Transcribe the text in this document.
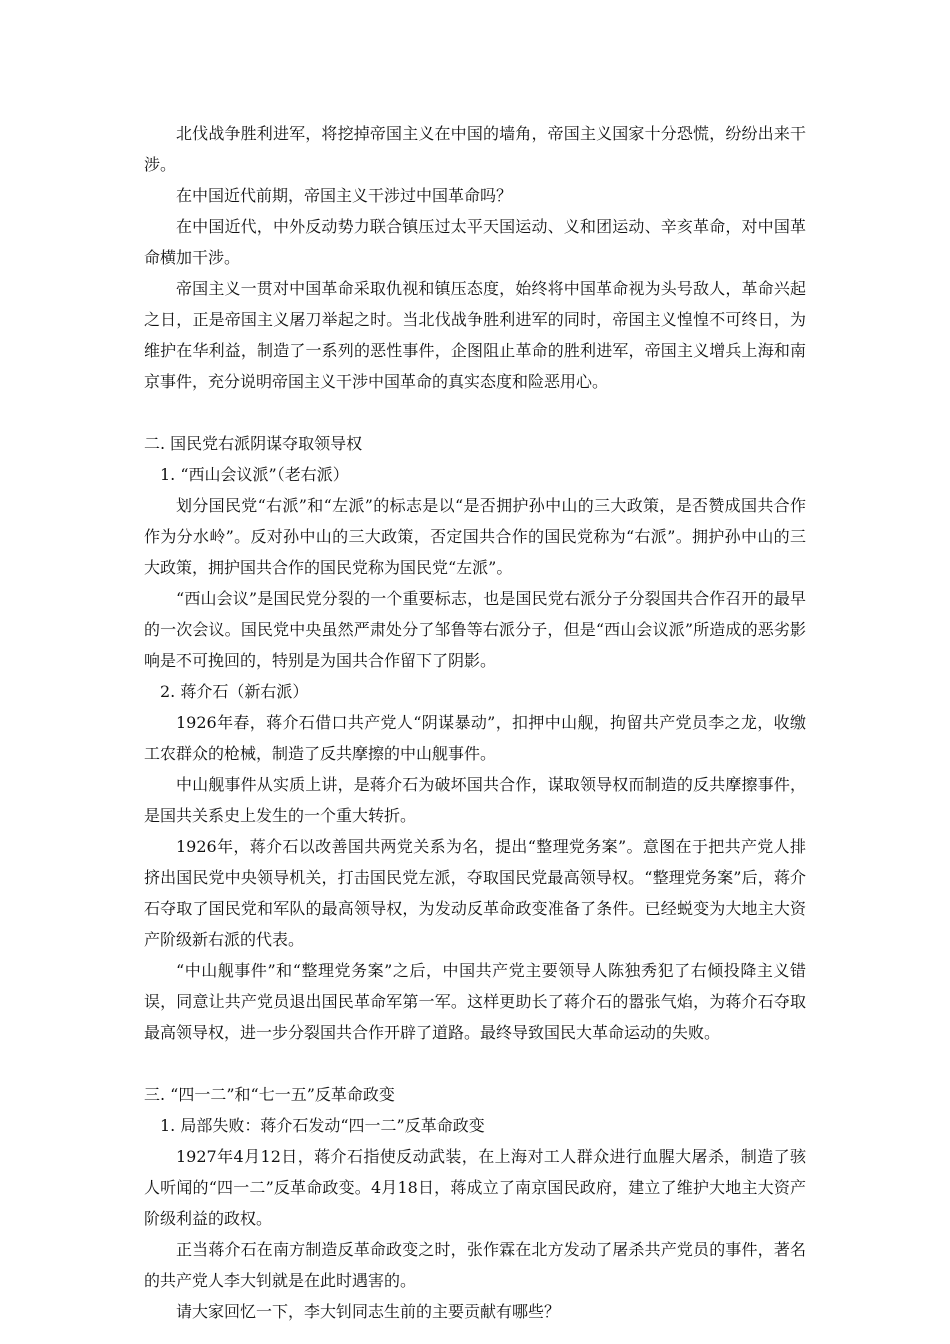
北伐战争胜利进军，将挖掉帝国主义在中国的墙角，帝国主义国家十分恐慌，纷纷出来干涉。

在中国近代前期，帝国主义干涉过中国革命吗？

在中国近代，中外反动势力联合镇压过太平天国运动、义和团运动、辛亥革命，对中国革命横加干涉。

帝国主义一贯对中国革命采取仇视和镇压态度，始终将中国革命视为头号敌人，革命兴起之日，正是帝国主义屠刀举起之时。当北伐战争胜利进军的同时，帝国主义惶惶不可终日，为维护在华利益，制造了一系列的恶性事件，企图阻止革命的胜利进军，帝国主义增兵上海和南京事件，充分说明帝国主义干涉中国革命的真实态度和险恶用心。

二. 国民党右派阴谋夺取领导权

1. “西山会议派”（老右派）

划分国民党“右派”和“左派”的标志是以“是否拥护孙中山的三大政策，是否赞成国共合作作为分水岭”。反对孙中山的三大政策，否定国共合作的国民党称为“右派”。拥护孙中山的三大政策，拥护国共合作的国民党称为国民党“左派”。

“西山会议”是国民党分裂的一个重要标志，也是国民党右派分子分裂国共合作召开的最早的一次会议。国民党中央虽然严肃处分了邹鲁等右派分子，但是“西山会议派”所造成的恶劣影响是不可挽回的，特别是为国共合作留下了阴影。

2. 蒋介石（新右派）

1926年春，蒋介石借口共产党人“阴谋暴动”，扣押中山舰，拘留共产党员李之龙，收缴工农群众的枪械，制造了反共摩擦的中山舰事件。

中山舰事件从实质上讲，是蒋介石为破坏国共合作，谋取领导权而制造的反共摩擦事件，是国共关系史上发生的一个重大转折。

1926年，蒋介石以改善国共两党关系为名，提出“整理党务案”。意图在于把共产党人排挤出国民党中央领导机关，打击国民党左派，夺取国民党最高领导权。“整理党务案”后，蒋介石夺取了国民党和军队的最高领导权，为发动反革命政变准备了条件。已经蜕变为大地主大资产阶级新右派的代表。

“中山舰事件”和“整理党务案”之后，中国共产党主要领导人陈独秀犯了右倾投降主义错误，同意让共产党员退出国民革命军第一军。这样更助长了蒋介石的嚣张气焰，为蒋介石夺取最高领导权，进一步分裂国共合作开辟了道路。最终导致国民大革命运动的失败。

三. “四一二”和“七一五”反革命政变

1. 局部失败：蒋介石发动“四一二”反革命政变

1927年4月12日，蒋介石指使反动武装，在上海对工人群众进行血腥大屠杀，制造了骇人听闻的“四一二”反革命政变。4月18日，蒋成立了南京国民政府，建立了维护大地主大资产阶级利益的政权。

正当蒋介石在南方制造反革命政变之时，张作霖在北方发动了屠杀共产党员的事件，著名的共产党人李大钊就是在此时遇害的。

请大家回忆一下，李大钊同志生前的主要贡献有哪些？
